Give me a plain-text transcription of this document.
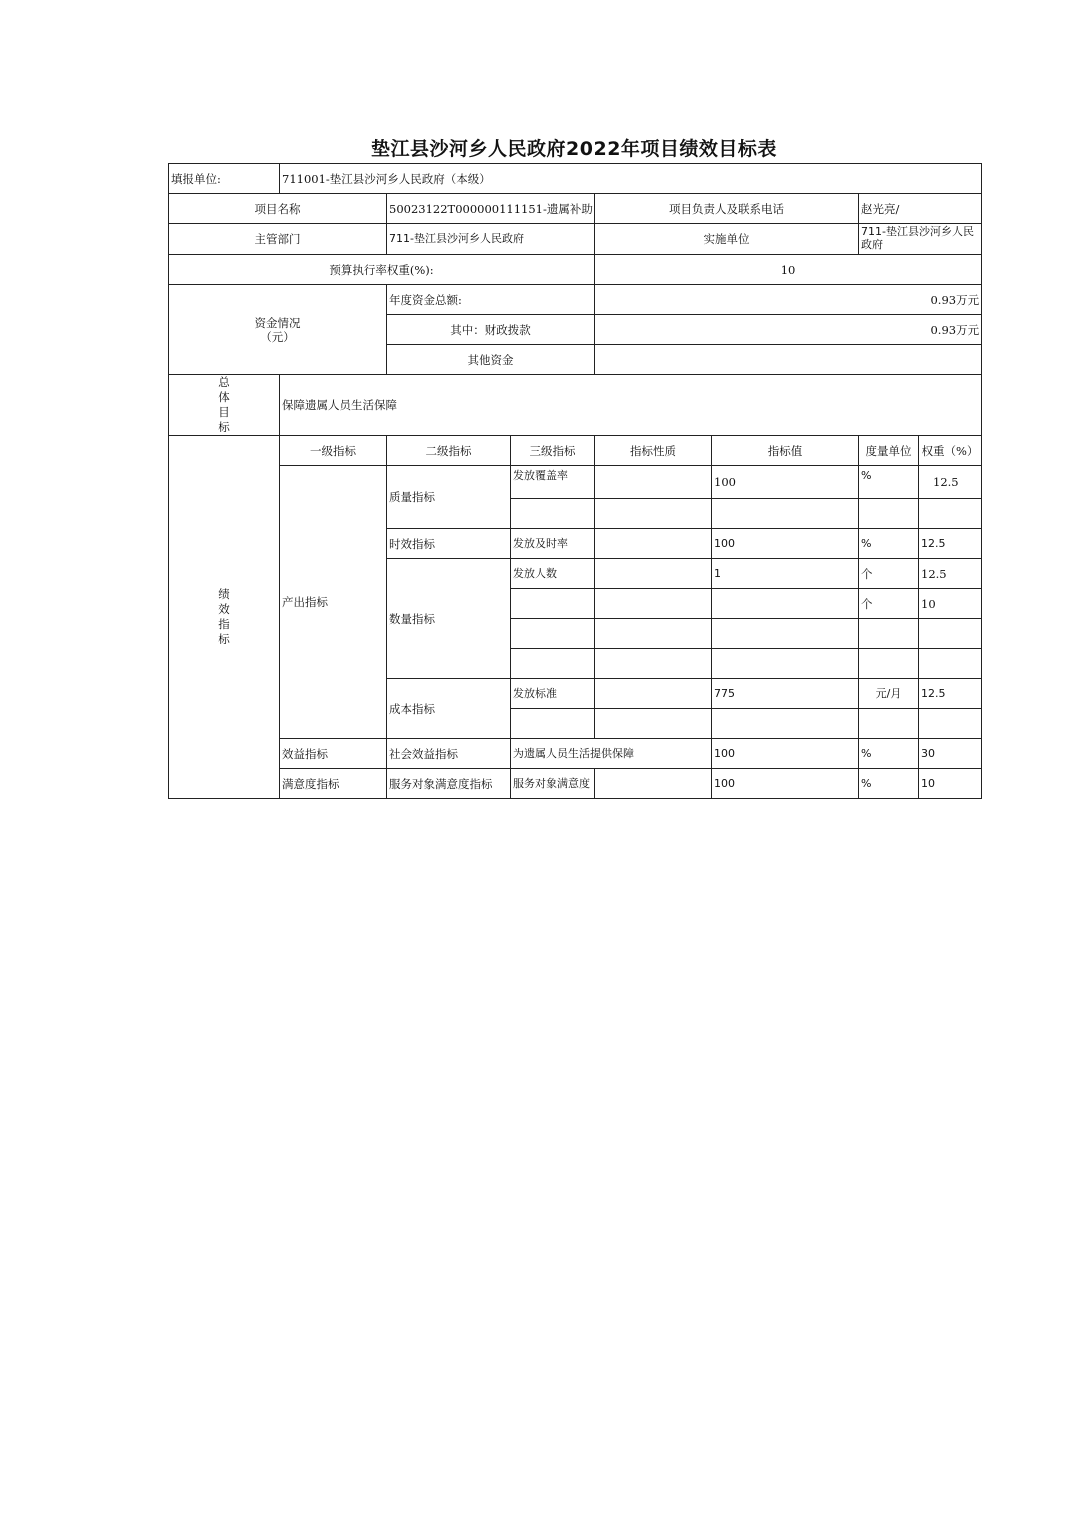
垫江县沙河乡人民政府2022年项目绩效目标表
填报单位:	711001-垫江县沙河乡人民政府（本级）						
项目名称		50023122T000000111151-遗属补助		项目负责人及联系电话		赵光亮/	
主管部门		711-垫江县沙河乡人民政府		实施单位		711-垫江县沙河乡人民政府	
预算执行率权重(%):				10			

资金情况
（元）		年度资金总额:		0.93万元			
		其中：财政拨款		0.93万元			
		其他资金					
总体目标	保障遗属人员生活保障						
绩效指标	一级指标	二级指标	三级指标	指标性质	指标值	度量单位	权重（%）
	产出指标	质量指标	发放覆盖率		100	%	12.5

		时效指标	发放及时率		100	%	12.5
		数量指标	发放人数		1	个	12.5
						个	10

		成本指标	发放标准		775	元/月	12.5

	效益指标	社会效益指标	为遗属人员生活提供保障		100	%	30
	满意度指标	服务对象满意度指标	服务对象满意度		100	%	10
